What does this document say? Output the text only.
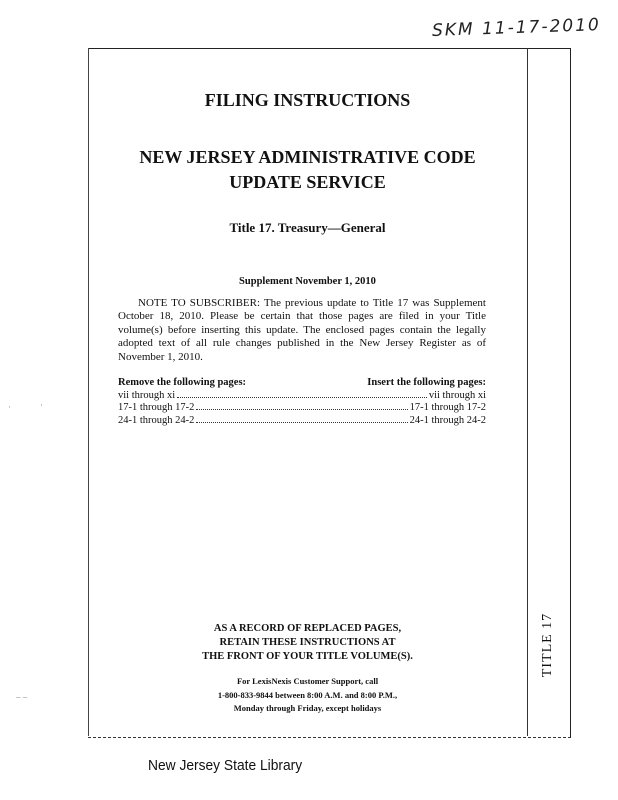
SKM 11-17-2010
FILING INSTRUCTIONS
NEW JERSEY ADMINISTRATIVE CODE
UPDATE SERVICE
Title 17. Treasury—General
Supplement November 1, 2010
NOTE TO SUBSCRIBER: The previous update to Title 17 was Supplement October 18, 2010. Please be certain that those pages are filed in your Title volume(s) before inserting this update. The enclosed pages contain the legally adopted text of all rule changes published in the New Jersey Register as of November 1, 2010.
Remove the following pages:	Insert the following pages:
vii through xi	vii through xi
17-1 through 17-2	17-1 through 17-2
24-1 through 24-2	24-1 through 24-2
AS A RECORD OF REPLACED PAGES,
RETAIN THESE INSTRUCTIONS AT
THE FRONT OF YOUR TITLE VOLUME(S).
For LexisNexis Customer Support, call
1-800-833-9844 between 8:00 A.M. and 8:00 P.M.,
Monday through Friday, except holidays
TITLE 17
New Jersey State Library
·	·
– –
